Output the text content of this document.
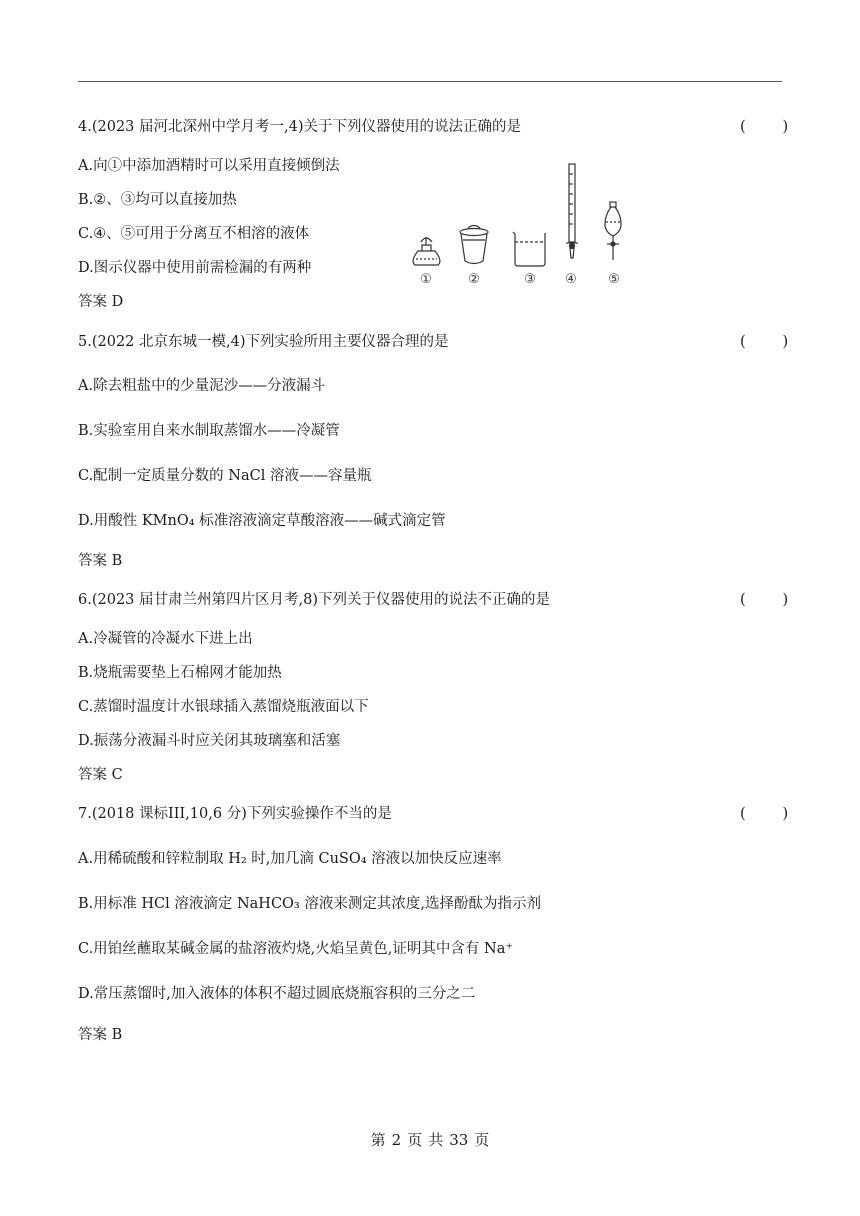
4.(2023 届河北深州中学月考一,4)关于下列仪器使用的说法正确的是	(        )
A.向①中添加酒精时可以采用直接倾倒法
B.②、③均可以直接加热
C.④、⑤可用于分离互不相溶的液体
D.图示仪器中使用前需检漏的有两种
答案 D
①	②	③ ④ ⑤
5.(2022 北京东城一模,4)下列实验所用主要仪器合理的是	(        )
A.除去粗盐中的少量泥沙——分液漏斗
B.实验室用自来水制取蒸馏水——冷凝管
C.配制一定质量分数的 NaCl 溶液——容量瓶
D.用酸性 KMnO₄ 标准溶液滴定草酸溶液——碱式滴定管
答案 B
6.(2023 届甘肃兰州第四片区月考,8)下列关于仪器使用的说法不正确的是	(        )
A.冷凝管的冷凝水下进上出
B.烧瓶需要垫上石棉网才能加热
C.蒸馏时温度计水银球插入蒸馏烧瓶液面以下
D.振荡分液漏斗时应关闭其玻璃塞和活塞
答案 C
7.(2018 课标III,10,6 分)下列实验操作不当的是	(        )
A.用稀硫酸和锌粒制取 H₂ 时,加几滴 CuSO₄ 溶液以加快反应速率
B.用标准 HCl 溶液滴定 NaHCO₃ 溶液来测定其浓度,选择酚酞为指示剂
C.用铂丝蘸取某碱金属的盐溶液灼烧,火焰呈黄色,证明其中含有 Na⁺
D.常压蒸馏时,加入液体的体积不超过圆底烧瓶容积的三分之二
答案 B
第 2 页 共 33 页
